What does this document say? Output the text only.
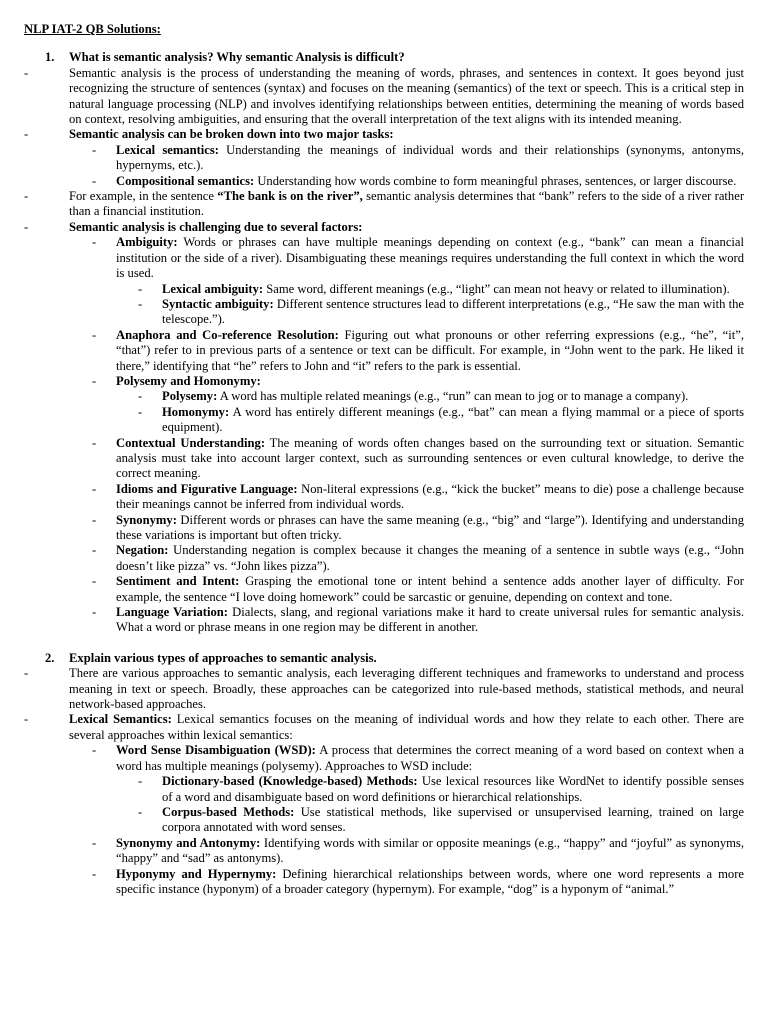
NLP IAT-2 QB Solutions:
1. What is semantic analysis? Why semantic Analysis is difficult?
-	Semantic analysis is the process of understanding the meaning of words, phrases, and sentences in context. It goes beyond just recognizing the structure of sentences (syntax) and focuses on the meaning (semantics) of the text or speech. This is a critical step in natural language processing (NLP) and involves identifying relationships between entities, determining the meaning of words based on context, resolving ambiguities, and ensuring that the overall interpretation of the text aligns with its intended meaning.
-	Semantic analysis can be broken down into two major tasks:
- Lexical semantics: Understanding the meanings of individual words and their relationships (synonyms, antonyms, hypernyms, etc.).
- Compositional semantics: Understanding how words combine to form meaningful phrases, sentences, or larger discourse.
-	For example, in the sentence “The bank is on the river”, semantic analysis determines that “bank” refers to the side of a river rather than a financial institution.
-	Semantic analysis is challenging due to several factors:
- Ambiguity: Words or phrases can have multiple meanings depending on context (e.g., “bank” can mean a financial institution or the side of a river). Disambiguating these meanings requires understanding the full context in which the word is used.
- Lexical ambiguity: Same word, different meanings (e.g., “light” can mean not heavy or related to illumination).
- Syntactic ambiguity: Different sentence structures lead to different interpretations (e.g., “He saw the man with the telescope.”).
- Anaphora and Co-reference Resolution: Figuring out what pronouns or other referring expressions (e.g., “he”, “it”, “that”) refer to in previous parts of a sentence or text can be difficult. For example, in “John went to the park. He liked it there,” identifying that “he” refers to John and “it” refers to the park is essential.
- Polysemy and Homonymy:
- Polysemy: A word has multiple related meanings (e.g., “run” can mean to jog or to manage a company).
- Homonymy: A word has entirely different meanings (e.g., “bat” can mean a flying mammal or a piece of sports equipment).
- Contextual Understanding: The meaning of words often changes based on the surrounding text or situation. Semantic analysis must take into account larger context, such as surrounding sentences or even cultural knowledge, to derive the correct meaning.
- Idioms and Figurative Language: Non-literal expressions (e.g., “kick the bucket” means to die) pose a challenge because their meanings cannot be inferred from individual words.
- Synonymy: Different words or phrases can have the same meaning (e.g., “big” and “large”). Identifying and understanding these variations is important but often tricky.
- Negation: Understanding negation is complex because it changes the meaning of a sentence in subtle ways (e.g., “John doesn’t like pizza” vs. “John likes pizza”).
- Sentiment and Intent: Grasping the emotional tone or intent behind a sentence adds another layer of difficulty. For example, the sentence “I love doing homework” could be sarcastic or genuine, depending on context and tone.
- Language Variation: Dialects, slang, and regional variations make it hard to create universal rules for semantic analysis. What a word or phrase means in one region may be different in another.
2. Explain various types of approaches to semantic analysis.
-	There are various approaches to semantic analysis, each leveraging different techniques and frameworks to understand and process meaning in text or speech. Broadly, these approaches can be categorized into rule-based methods, statistical methods, and neural network-based approaches.
-	Lexical Semantics: Lexical semantics focuses on the meaning of individual words and how they relate to each other. There are several approaches within lexical semantics:
- Word Sense Disambiguation (WSD): A process that determines the correct meaning of a word based on context when a word has multiple meanings (polysemy). Approaches to WSD include:
- Dictionary-based (Knowledge-based) Methods: Use lexical resources like WordNet to identify possible senses of a word and disambiguate based on word definitions or hierarchical relationships.
- Corpus-based Methods: Use statistical methods, like supervised or unsupervised learning, trained on large corpora annotated with word senses.
- Synonymy and Antonymy: Identifying words with similar or opposite meanings (e.g., “happy” and “joyful” as synonyms, “happy” and “sad” as antonyms).
- Hyponymy and Hypernymy: Defining hierarchical relationships between words, where one word represents a more specific instance (hyponym) of a broader category (hypernym). For example, “dog” is a hyponym of “animal.”
